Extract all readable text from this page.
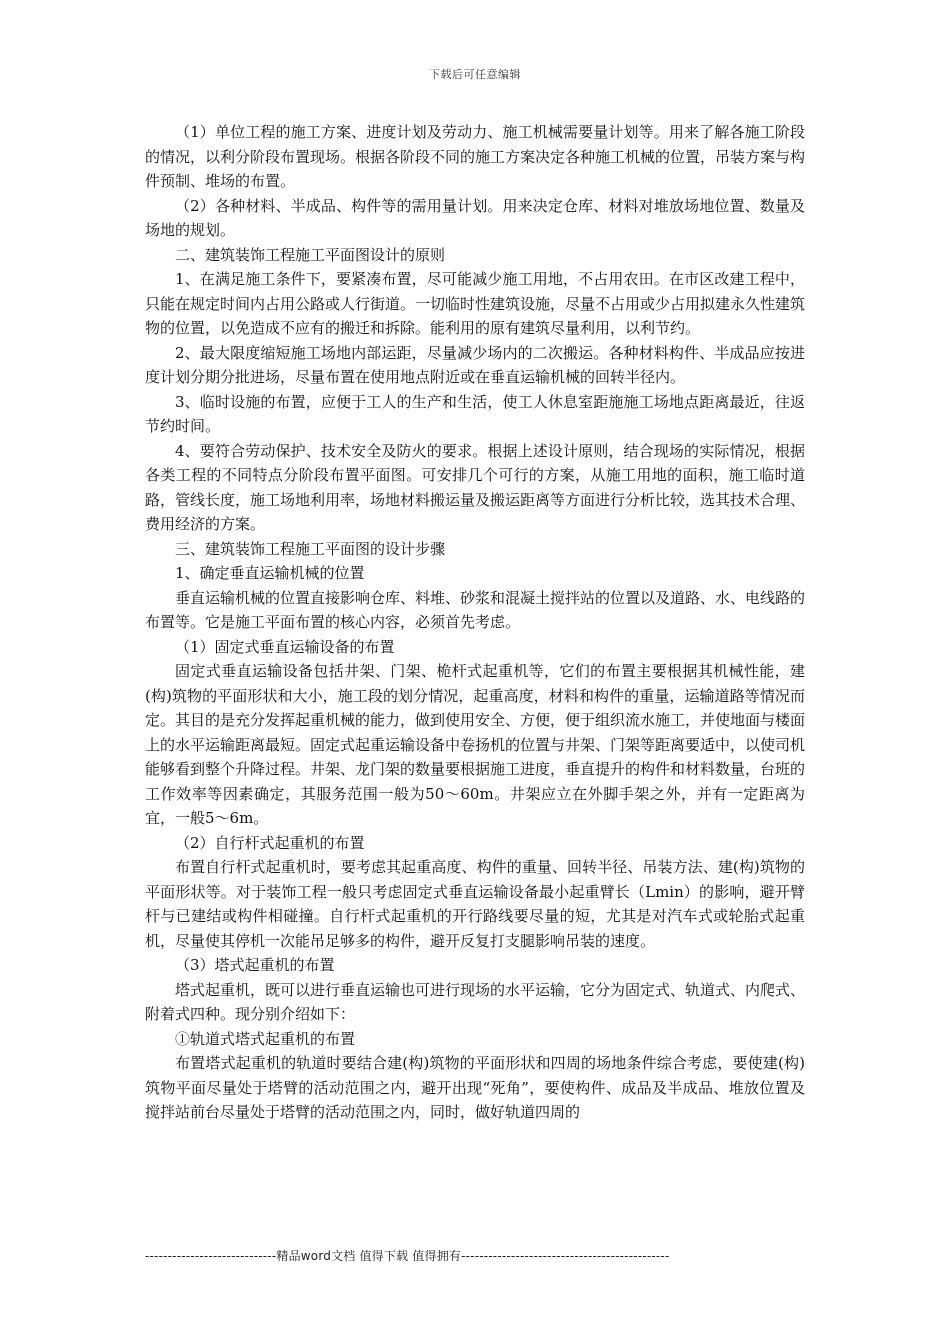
下载后可任意编辑

（1）单位工程的施工方案、进度计划及劳动力、施工机械需要量计划等。用来了解各施工阶段的情况，以利分阶段布置现场。根据各阶段不同的施工方案决定各种施工机械的位置，吊装方案与构件预制、堆场的布置。

（2）各种材料、半成品、构件等的需用量计划。用来决定仓库、材料对堆放场地位置、数量及场地的规划。

二、建筑装饰工程施工平面图设计的原则

1、在满足施工条件下，要紧凑布置，尽可能减少施工用地，不占用农田。在市区改建工程中，只能在规定时间内占用公路或人行街道。一切临时性建筑设施，尽量不占用或少占用拟建永久性建筑物的位置，以免造成不应有的搬迁和拆除。能利用的原有建筑尽量利用，以利节约。

2、最大限度缩短施工场地内部运距，尽量减少场内的二次搬运。各种材料构件、半成品应按进度计划分期分批进场，尽量布置在使用地点附近或在垂直运输机械的回转半径内。

3、临时设施的布置，应便于工人的生产和生活，使工人休息室距施施工场地点距离最近，往返节约时间。

4、要符合劳动保护、技术安全及防火的要求。根据上述设计原则，结合现场的实际情况，根据各类工程的不同特点分阶段布置平面图。可安排几个可行的方案，从施工用地的面积，施工临时道路，管线长度，施工场地利用率，场地材料搬运量及搬运距离等方面进行分析比较，选其技术合理、费用经济的方案。

三、建筑装饰工程施工平面图的设计步骤

1、确定垂直运输机械的位置

垂直运输机械的位置直接影响仓库、料堆、砂浆和混凝土搅拌站的位置以及道路、水、电线路的布置等。它是施工平面布置的核心内容，必须首先考虑。

（1）固定式垂直运输设备的布置

固定式垂直运输设备包括井架、门架、桅杆式起重机等，它们的布置主要根据其机械性能，建(构)筑物的平面形状和大小，施工段的划分情况，起重高度，材料和构件的重量，运输道路等情况而定。其目的是充分发挥起重机械的能力，做到使用安全、方便，便于组织流水施工，并使地面与楼面上的水平运输距离最短。固定式起重运输设备中卷扬机的位置与井架、门架等距离要适中，以使司机能够看到整个升降过程。井架、龙门架的数量要根据施工进度，垂直提升的构件和材料数量，台班的工作效率等因素确定，其服务范围一般为50～60m。井架应立在外脚手架之外，并有一定距离为宜，一般5～6m。

（2）自行杆式起重机的布置

布置自行杆式起重机时，要考虑其起重高度、构件的重量、回转半径、吊装方法、建(构)筑物的平面形状等。对于装饰工程一般只考虑固定式垂直运输设备最小起重臂长（Lmin）的影响，避开臂杆与已建结或构件相碰撞。自行杆式起重机的开行路线要尽量的短，尤其是对汽车式或轮胎式起重机，尽量使其停机一次能吊足够多的构件，避开反复打支腿影响吊装的速度。

（3）塔式起重机的布置

塔式起重机，既可以进行垂直运输也可进行现场的水平运输，它分为固定式、轨道式、内爬式、附着式四种。现分别介绍如下：

①轨道式塔式起重机的布置

布置塔式起重机的轨道时要结合建(构)筑物的平面形状和四周的场地条件综合考虑，要使建(构)筑物平面尽量处于塔臂的活动范围之内，避开出现“死角”，要使构件、成品及半成品、堆放位置及搅拌站前台尽量处于塔臂的活动范围之内，同时，做好轨道四周的

-----------------------------精品word文档 值得下载 值得拥有----------------------------------------------
